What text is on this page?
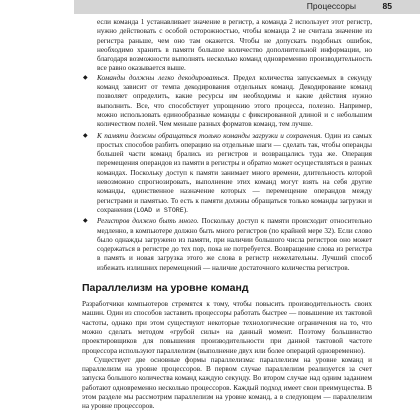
Процессоры	85

если команда 1 устанавливает значение в регистр, а команда 2 использует этот регистр, нужно действовать с особой осторожностью, чтобы команда 2 не считала значение из регистра раньше, чем оно там окажется. Чтобы не допускать подобных ошибок, необходимо хранить в памяти большое количество дополнительной информации, но благодаря возможности выполнять несколько команд одновременно производительность все равно оказывается выше.

◆ Команды должны легко декодироваться. Предел количества запускаемых в секунду команд зависит от темпа декодирования отдельных команд. Декодирование команд позволяет определить, какие ресурсы им необходимы и какие действия нужно выполнить. Все, что способствует упрощению этого процесса, полезно. Например, можно использовать единообразные команды с фиксированной длиной и с небольшим количеством полей. Чем меньше разных форматов команд, тем лучше.
◆ К памяти должны обращаться только команды загрузки и сохранения. Один из самых простых способов разбить операцию на отдельные шаги — сделать так, чтобы операнды большей части команд брались из регистров и возвращались туда же. Операция перемещения операндов из памяти в регистры и обратно может осуществляться в разных командах. Поскольку доступ к памяти занимает много времени, длительность которой невозможно спрогнозировать, выполнение этих команд могут взять на себя другие команды, единственное назначение которых — перемещение операндов между регистрами и памятью. То есть к памяти должны обращаться только команды загрузки и сохранения (LOAD и STORE).
◆ Регистров должно быть много. Поскольку доступ к памяти происходит относительно медленно, в компьютере должно быть много регистров (по крайней мере 32). Если слово было однажды загружено из памяти, при наличии большого числа регистров оно может содержаться в регистре до тех пор, пока не потребуется. Возвращение слова из регистра в память и новая загрузка этого же слова в регистр нежелательны. Лучший способ избежать излишних перемещений — наличие достаточного количества регистров.
Параллелизм на уровне команд

Разработчики компьютеров стремятся к тому, чтобы повысить производительность своих машин. Один из способов заставить процессоры работать быстрее — повышение их тактовой частоты, однако при этом существуют некоторые технологические ограничения на то, что можно сделать методом «грубой силы» на данный момент. Поэтому большинство проектировщиков для повышения производительности при данной тактовой частоте процессора используют параллелизм (выполнение двух или более операций одновременно).

Существует две основные формы параллелизма: параллелизм на уровне команд и параллелизм на уровне процессоров. В первом случае параллелизм реализуется за счет запуска большого количества команд каждую секунду. Во втором случае над одним заданием работают одновременно несколько процессоров. Каждый подход имеет свои преимущества. В этом разделе мы рассмотрим параллелизм на уровне команд, а в следующем — параллелизм на уровне процессоров.
